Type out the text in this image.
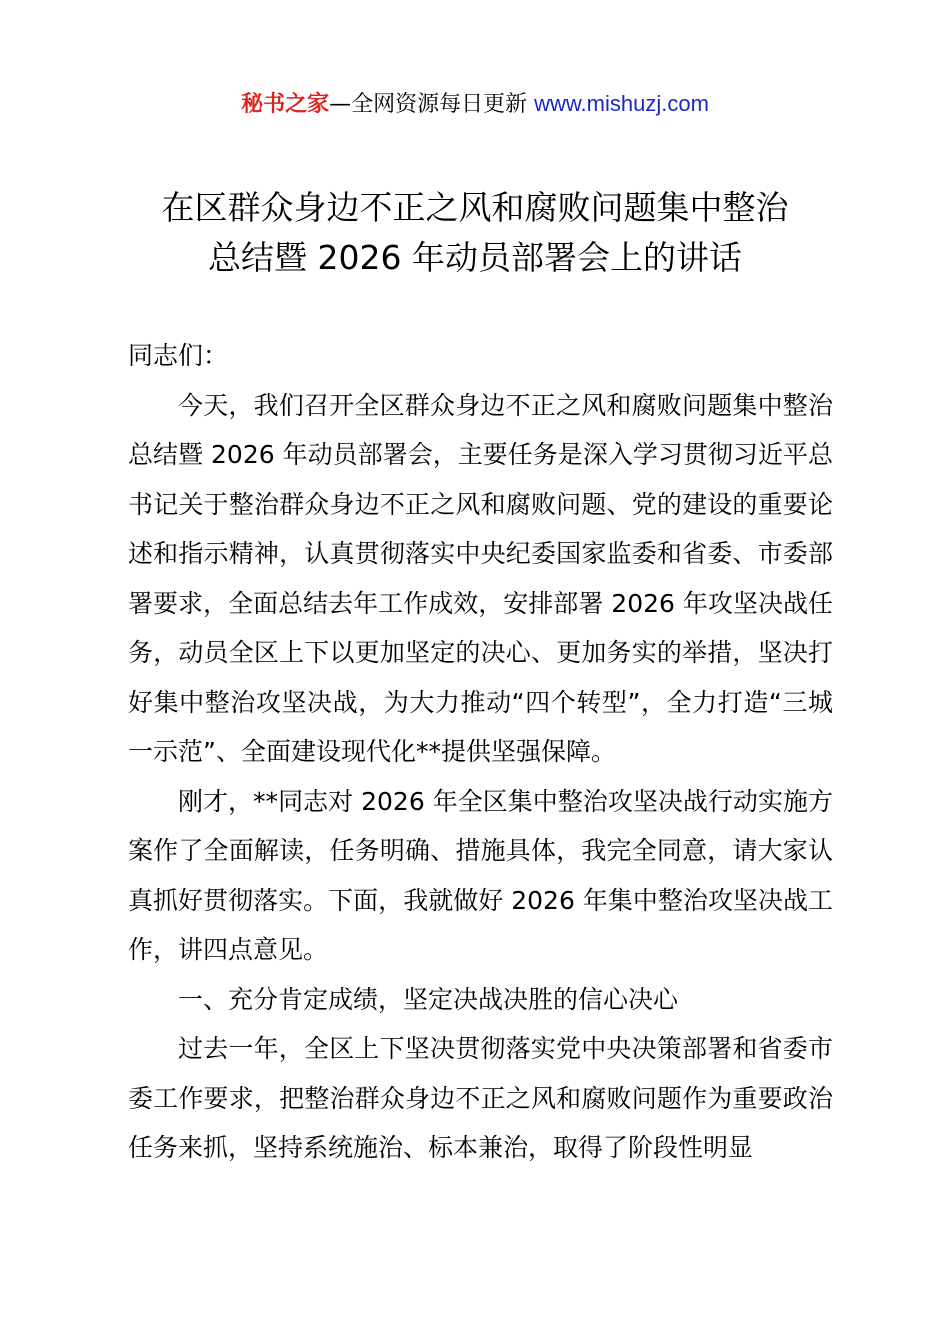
秘书之家—全网资源每日更新 www.mishuzj.com
在区群众身边不正之风和腐败问题集中整治
总结暨 2026 年动员部署会上的讲话

同志们：

今天，我们召开全区群众身边不正之风和腐败问题集中整治总结暨 2026 年动员部署会，主要任务是深入学习贯彻习近平总书记关于整治群众身边不正之风和腐败问题、党的建设的重要论述和指示精神，认真贯彻落实中央纪委国家监委和省委、市委部署要求，全面总结去年工作成效，安排部署 2026 年攻坚决战任务，动员全区上下以更加坚定的决心、更加务实的举措，坚决打好集中整治攻坚决战，为大力推动“四个转型”，全力打造“三城一示范”、全面建设现代化**提供坚强保障。

刚才，**同志对 2026 年全区集中整治攻坚决战行动实施方案作了全面解读，任务明确、措施具体，我完全同意，请大家认真抓好贯彻落实。下面，我就做好 2026 年集中整治攻坚决战工作，讲四点意见。

一、充分肯定成绩，坚定决战决胜的信心决心

过去一年，全区上下坚决贯彻落实党中央决策部署和省委市委工作要求，把整治群众身边不正之风和腐败问题作为重要政治任务来抓，坚持系统施治、标本兼治，取得了阶段性明显
